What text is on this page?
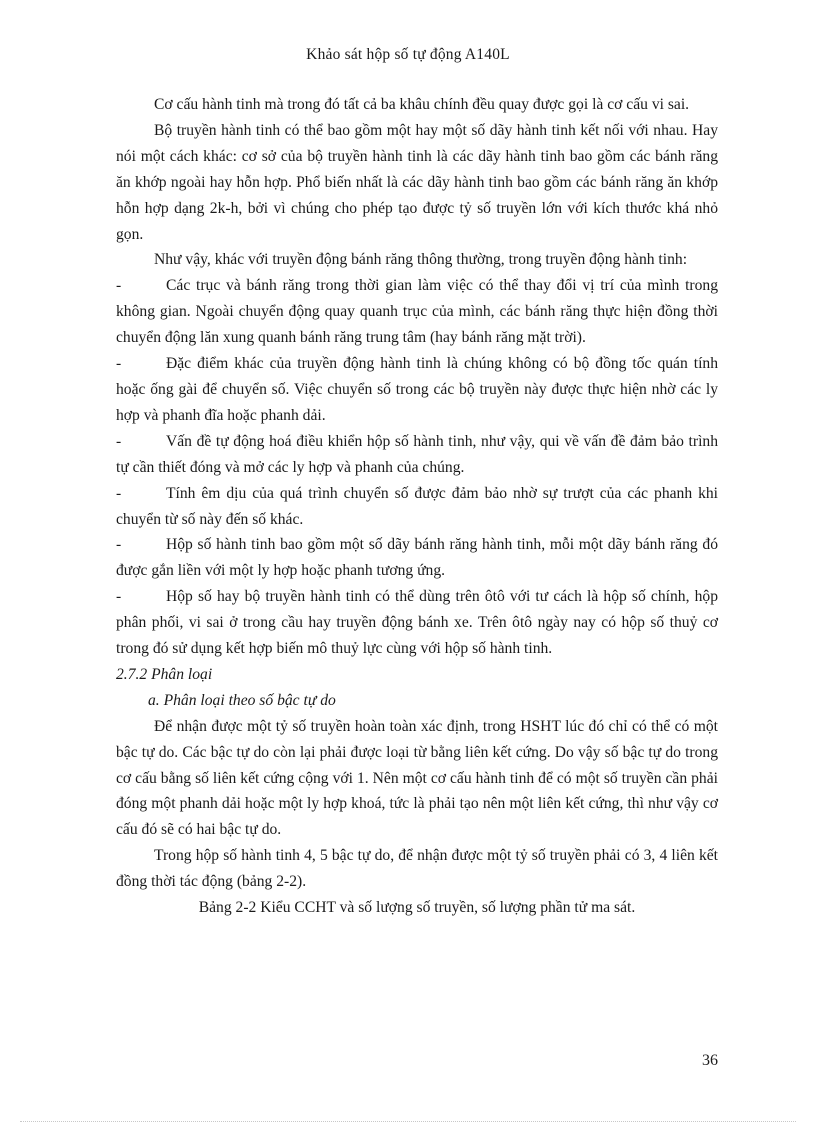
Khảo sát hộp số tự động A140L

Cơ cấu hành tinh mà trong đó tất cả ba khâu chính đều quay được gọi là cơ cấu vi sai.

Bộ truyền hành tinh có thể bao gồm một hay một số dãy hành tinh kết nối với nhau. Hay nói một cách khác: cơ sở của bộ truyền hành tinh là các dãy hành tinh bao gồm các bánh răng ăn khớp ngoài hay hỗn hợp. Phổ biến nhất là các dãy hành tinh bao gồm các bánh răng ăn khớp hỗn hợp dạng 2k-h, bởi vì chúng cho phép tạo được tỷ số truyền lớn với kích thước khá nhỏ gọn.

Như vậy, khác với truyền động bánh răng thông thường, trong truyền động hành tinh:

-	Các trục và bánh răng trong thời gian làm việc có thể thay đổi vị trí của mình trong không gian. Ngoài chuyển động quay quanh trục của mình, các bánh răng thực hiện đồng thời chuyển động lăn xung quanh bánh răng trung tâm (hay bánh răng mặt trời).

-	Đặc điểm khác của truyền động hành tinh là chúng không có bộ đồng tốc quán tính hoặc ống gài để chuyển số. Việc chuyển số trong các bộ truyền này được thực hiện nhờ các ly hợp và phanh đĩa hoặc phanh dải.

-	Vấn đề tự động hoá điều khiển hộp số hành tinh, như vậy, qui về vấn đề đảm bảo trình tự cần thiết đóng và mở các ly hợp và phanh của chúng.

-	Tính êm dịu của quá trình chuyển số được đảm bảo nhờ sự trượt của các phanh khi chuyển từ số này đến số khác.

-	Hộp số hành tinh bao gồm một số dãy bánh răng hành tinh, mỗi một dãy bánh răng đó được gắn liền với một ly hợp hoặc phanh tương ứng.

-	Hộp số hay bộ truyền hành tinh có thể dùng trên ôtô với tư cách là hộp số chính, hộp phân phối, vi sai ở trong cầu hay truyền động bánh xe. Trên ôtô ngày nay có hộp số thuỷ cơ trong đó sử dụng kết hợp biến mô thuỷ lực cùng với hộp số hành tinh.

2.7.2 Phân loại

a. Phân loại theo số bậc tự do

Để nhận được một tỷ số truyền hoàn toàn xác định, trong HSHT lúc đó chỉ có thể có một bậc tự do. Các bậc tự do còn lại phải được loại từ bằng liên kết cứng. Do vậy số bậc tự do trong cơ cấu bằng số liên kết cứng cộng với 1. Nên một cơ cấu hành tinh để có một số truyền cần phải đóng một phanh dải hoặc một ly hợp khoá, tức là phải tạo nên một liên kết cứng, thì như vậy cơ cấu đó sẽ có hai bậc tự do.

Trong hộp số hành tinh 4, 5 bậc tự do, để nhận được một tỷ số truyền phải có 3, 4 liên kết đồng thời tác động (bảng 2-2).

Bảng 2-2 Kiểu CCHT và số lượng số truyền, số lượng phần tử ma sát.

36
